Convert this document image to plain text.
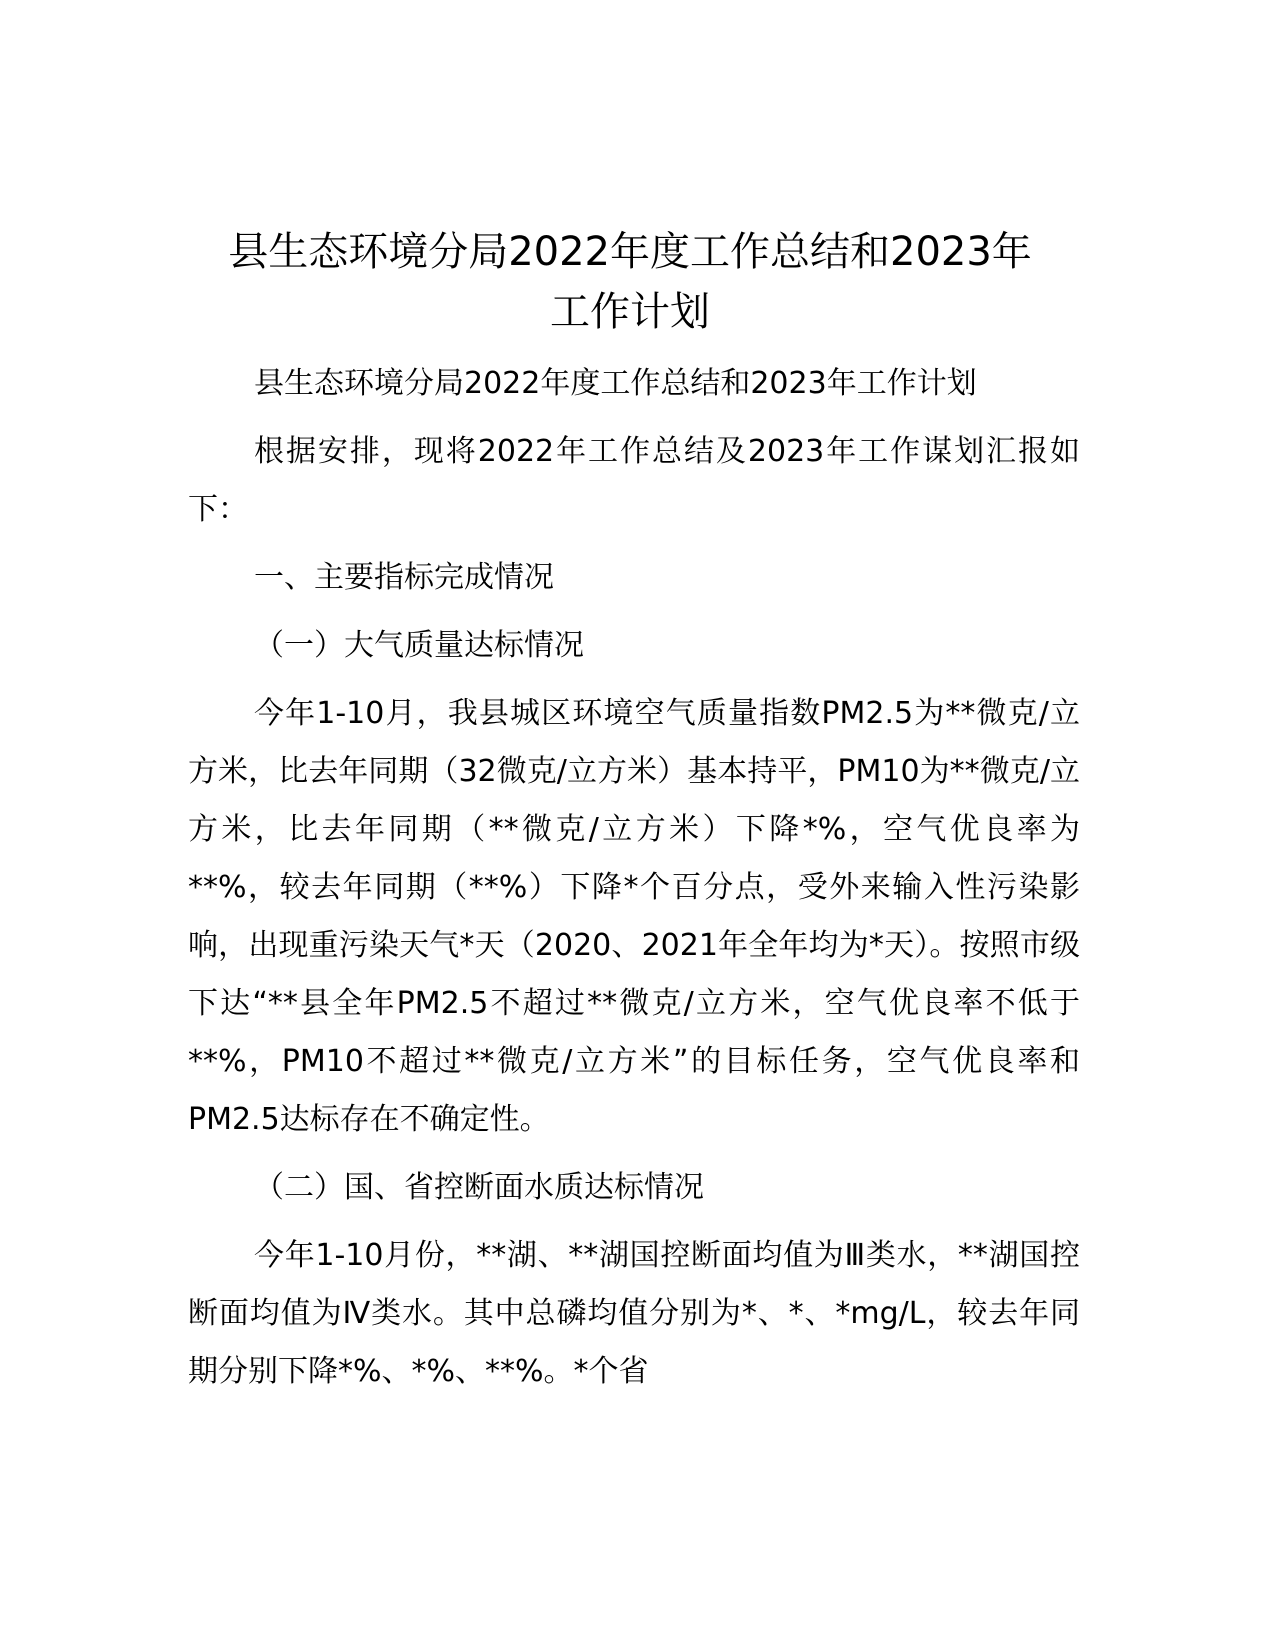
县生态环境分局2022年度工作总结和2023年
工作计划

县生态环境分局2022年度工作总结和2023年工作计划

根据安排，现将2022年工作总结及2023年工作谋划汇报如下：

一、主要指标完成情况

（一）大气质量达标情况

今年1-10月，我县城区环境空气质量指数PM2.5为**微克/立方米，比去年同期（32微克/立方米）基本持平，PM10为**微克/立方米，比去年同期（**微克/立方米）下降*%，空气优良率为**%，较去年同期（**%）下降*个百分点，受外来输入性污染影响，出现重污染天气*天（2020、2021年全年均为*天）。按照市级下达“**县全年PM2.5不超过**微克/立方米，空气优良率不低于**%，PM10不超过**微克/立方米”的目标任务，空气优良率和PM2.5达标存在不确定性。

（二）国、省控断面水质达标情况

今年1-10月份，**湖、**湖国控断面均值为Ⅲ类水，**湖国控断面均值为Ⅳ类水。其中总磷均值分别为*、*、*mg/L，较去年同期分别下降*%、*%、**%。*个省
